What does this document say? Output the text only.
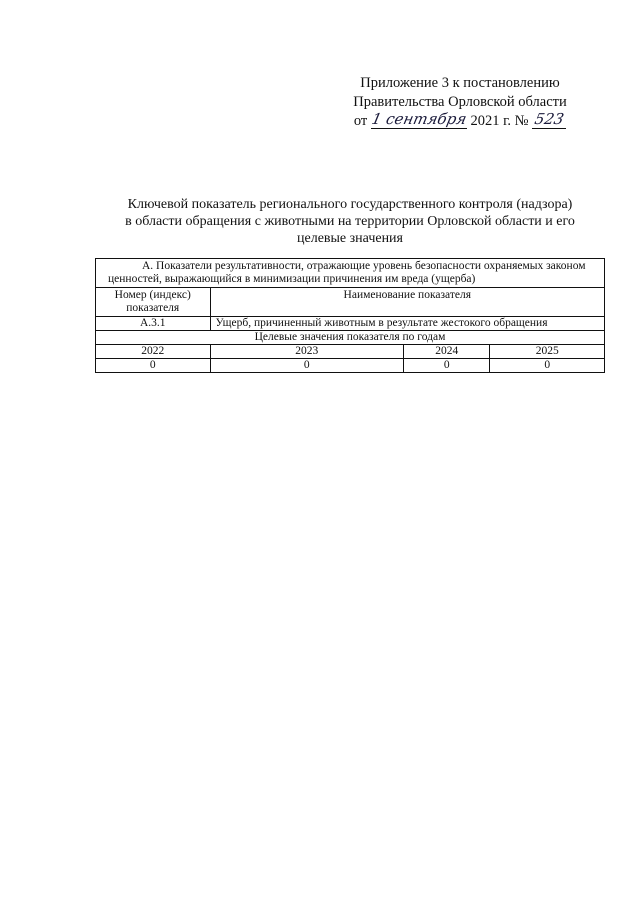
Приложение 3 к постановлению
Правительства Орловской области
от 1 сентября 2021 г. № 523
Ключевой показатель регионального государственного контроля (надзора)
в области обращения с животными на территории Орловской области и его
целевые значения
А. Показатели результативности, отражающие уровень безопасности охраняемых законом ценностей, выражающийся в минимизации причинения им вреда (ущерба)			

Номер (индекс) показателя	Наименование показателя		
А.3.1	Ущерб, причиненный животным в результате жестокого обращения		
Целевые значения показателя по годам			
2022	2023	2024	2025
0	0	0	0
